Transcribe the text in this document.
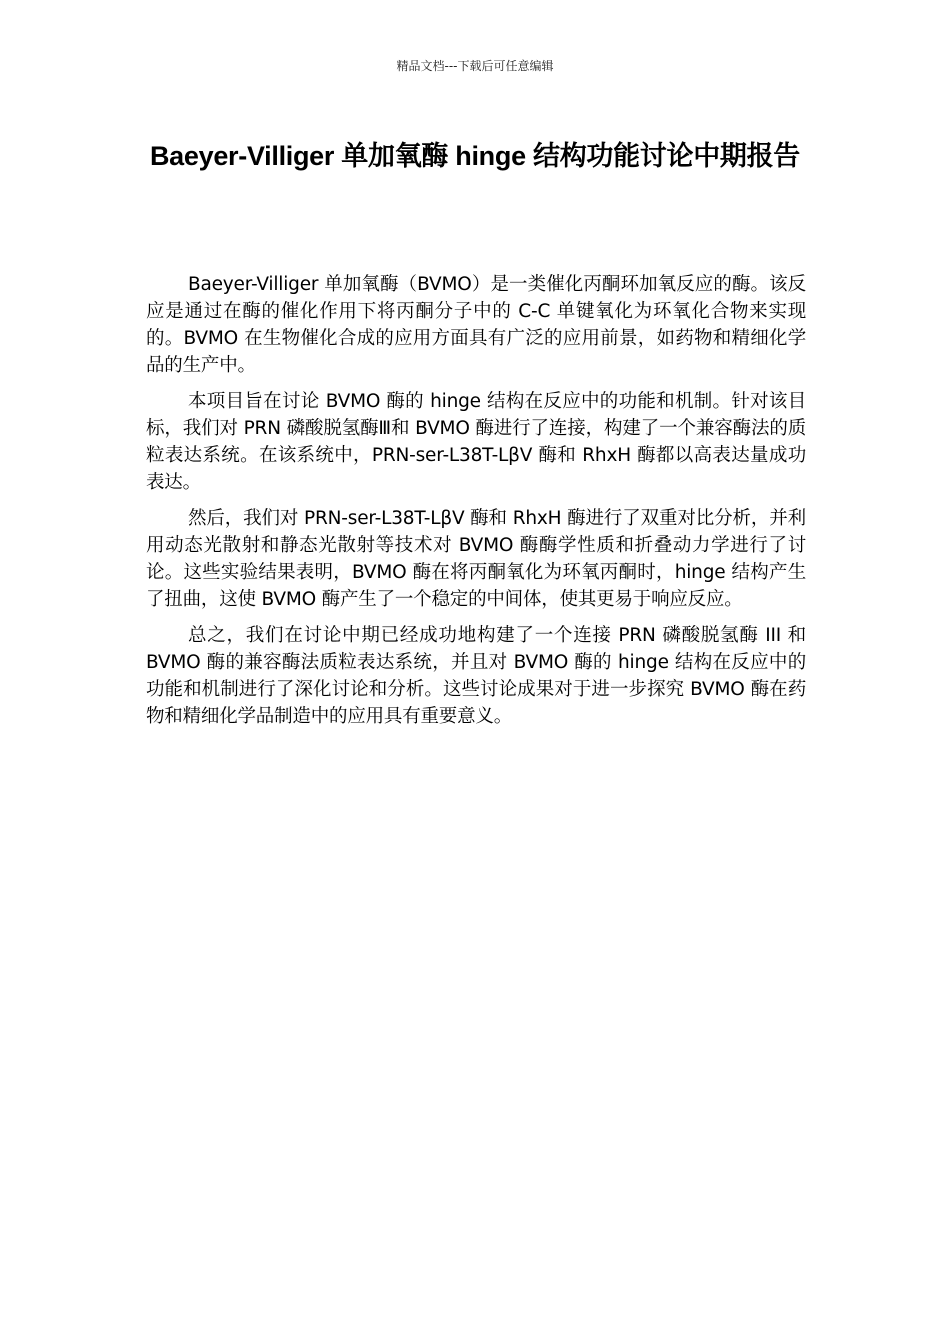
精品文档---下载后可任意编辑
Baeyer-Villiger 单加氧酶 hinge 结构功能讨论中期报告

Baeyer-Villiger 单加氧酶（BVMO）是一类催化丙酮环加氧反应的酶。该反应是通过在酶的催化作用下将丙酮分子中的 C-C 单键氧化为环氧化合物来实现的。BVMO 在生物催化合成的应用方面具有广泛的应用前景，如药物和精细化学品的生产中。

本项目旨在讨论 BVMO 酶的 hinge 结构在反应中的功能和机制。针对该目标，我们对 PRN 磷酸脱氢酶Ⅲ和 BVMO 酶进行了连接，构建了一个兼容酶法的质粒表达系统。在该系统中，PRN-ser-L38T-LβV 酶和 RhxH 酶都以高表达量成功表达。

然后，我们对 PRN-ser-L38T-LβV 酶和 RhxH 酶进行了双重对比分析，并利用动态光散射和静态光散射等技术对 BVMO 酶酶学性质和折叠动力学进行了讨论。这些实验结果表明，BVMO 酶在将丙酮氧化为环氧丙酮时，hinge 结构产生了扭曲，这使 BVMO 酶产生了一个稳定的中间体，使其更易于响应反应。

总之，我们在讨论中期已经成功地构建了一个连接 PRN 磷酸脱氢酶 III 和 BVMO 酶的兼容酶法质粒表达系统，并且对 BVMO 酶的 hinge 结构在反应中的功能和机制进行了深化讨论和分析。这些讨论成果对于进一步探究 BVMO 酶在药物和精细化学品制造中的应用具有重要意义。
